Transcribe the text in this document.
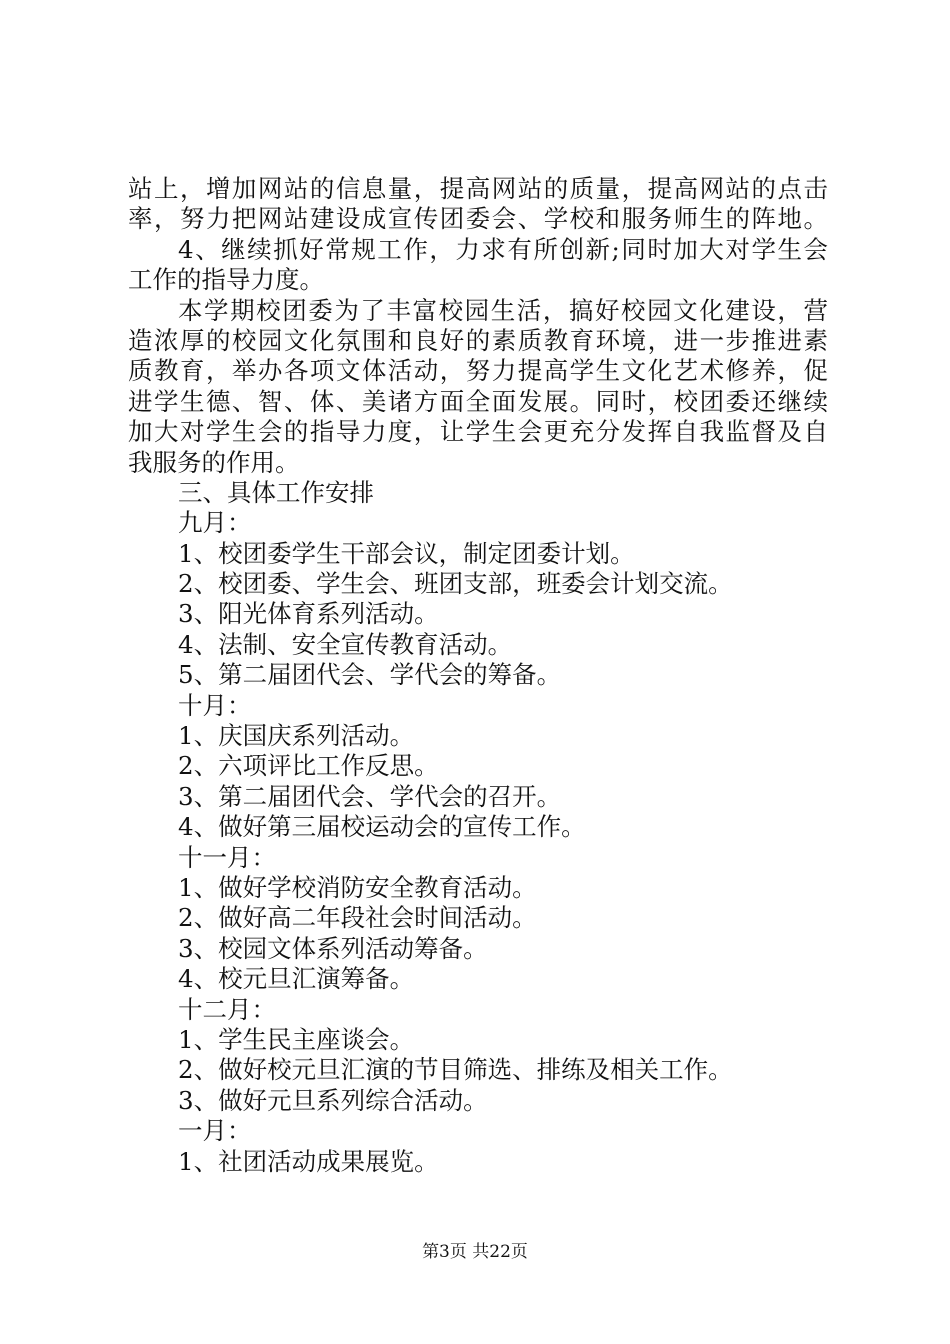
站上，增加网站的信息量，提高网站的质量，提高网站的点击
率，努力把网站建设成宣传团委会、学校和服务师生的阵地。
4、继续抓好常规工作，力求有所创新;同时加大对学生会
工作的指导力度。
本学期校团委为了丰富校园生活，搞好校园文化建设，营
造浓厚的校园文化氛围和良好的素质教育环境，进一步推进素
质教育，举办各项文体活动，努力提高学生文化艺术修养，促
进学生德、智、体、美诸方面全面发展。同时，校团委还继续
加大对学生会的指导力度，让学生会更充分发挥自我监督及自
我服务的作用。
三、具体工作安排
九月：
1、校团委学生干部会议，制定团委计划。
2、校团委、学生会、班团支部，班委会计划交流。
3、阳光体育系列活动。
4、法制、安全宣传教育活动。
5、第二届团代会、学代会的筹备。
十月：
1、庆国庆系列活动。
2、六项评比工作反思。
3、第二届团代会、学代会的召开。
4、做好第三届校运动会的宣传工作。
十一月：
1、做好学校消防安全教育活动。
2、做好高二年段社会时间活动。
3、校园文体系列活动筹备。
4、校元旦汇演筹备。
十二月：
1、学生民主座谈会。
2、做好校元旦汇演的节目筛选、排练及相关工作。
3、做好元旦系列综合活动。
一月：
1、社团活动成果展览。
第3页 共22页
